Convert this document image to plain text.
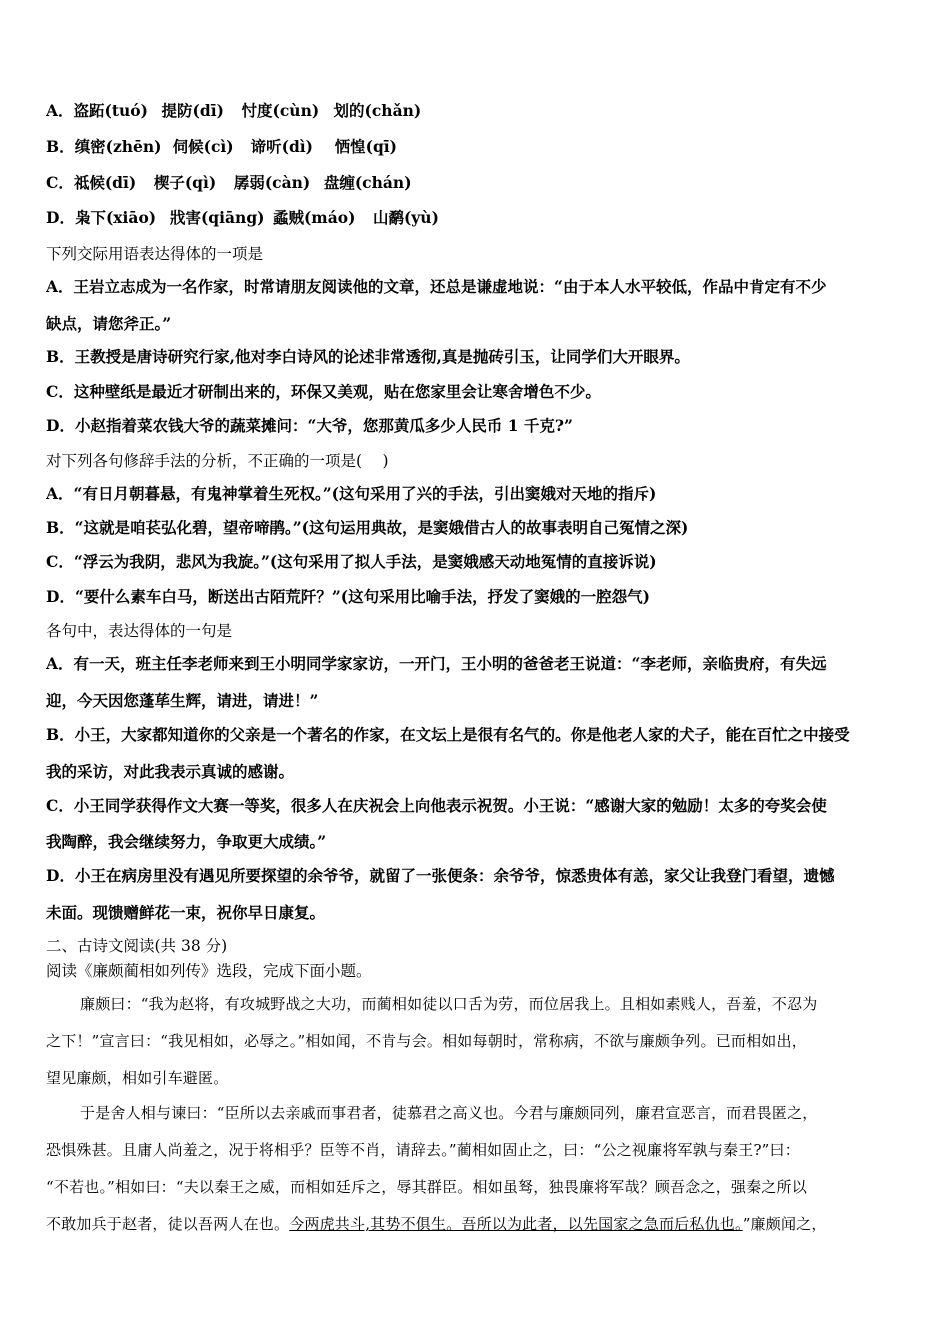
A．盗跖(tuó) 提防(dī) 忖度(cùn) 划的(chǎn)
B．缜密(zhēn) 伺候(cì) 谛听(dì) 恓惶(qī)
C．祗候(dī) 楔子(qì) 孱弱(càn) 盘缠(chán)
D．枭下(xiāo) 戕害(qiāng) 蟊贼(máo) 山鹬(yù)
下列交际用语表达得体的一项是
A．王岩立志成为一名作家，时常请朋友阅读他的文章，还总是谦虚地说：“由于本人水平较低，作品中肯定有不少
缺点，请您斧正。”
B．王教授是唐诗研究行家,他对李白诗风的论述非常透彻,真是抛砖引玉，让同学们大开眼界。
C．这种壁纸是最近才研制出来的，环保又美观，贴在您家里会让寒舍增色不少。
D．小赵指着菜农钱大爷的蔬菜摊问：“大爷，您那黄瓜多少人民币 1 千克?”
对下列各句修辞手法的分析，不正确的一项是(　 )
A．“有日月朝暮悬，有鬼神掌着生死权。”(这句采用了兴的手法，引出窦娥对天地的指斥)
B．“这就是咱苌弘化碧，望帝啼鹃。”(这句运用典故，是窦娥借古人的故事表明自己冤情之深)
C．“浮云为我阴，悲风为我旋。”(这句采用了拟人手法，是窦娥感天动地冤情的直接诉说)
D．“要什么素车白马，断送出古陌荒阡？”(这句采用比喻手法，抒发了窦娥的一腔怨气)
各句中，表达得体的一句是
A．有一天，班主任李老师来到王小明同学家家访，一开门，王小明的爸爸老王说道：“李老师，亲临贵府，有失远
迎，今天因您蓬荜生辉，请进，请进！”
B．小王，大家都知道你的父亲是一个著名的作家，在文坛上是很有名气的。你是他老人家的犬子，能在百忙之中接受
我的采访，对此我表示真诚的感谢。
C．小王同学获得作文大赛一等奖，很多人在庆祝会上向他表示祝贺。小王说：“感谢大家的勉励！太多的夸奖会使
我陶醉，我会继续努力，争取更大成绩。”
D．小王在病房里没有遇见所要探望的余爷爷，就留了一张便条：余爷爷，惊悉贵体有恙，家父让我登门看望，遗憾
未面。现馈赠鲜花一束，祝你早日康复。
二、古诗文阅读(共 38 分)
阅读《廉颇蔺相如列传》选段，完成下面小题。
廉颇曰：“我为赵将，有攻城野战之大功，而蔺相如徒以口舌为劳，而位居我上。且相如素贱人，吾羞，不忍为
之下！”宣言曰：“我见相如，必辱之。”相如闻，不肯与会。相如每朝时，常称病，不欲与廉颇争列。已而相如出，
望见廉颇，相如引车避匿。
于是舍人相与谏曰：“臣所以去亲戚而事君者，徒慕君之高义也。今君与廉颇同列，廉君宣恶言，而君畏匿之，
恐惧殊甚。且庸人尚羞之，况于将相乎？臣等不肖，请辞去。”蔺相如固止之，曰：“公之视廉将军孰与秦王?”曰：
“不若也。”相如曰：“夫以秦王之威，而相如廷斥之，辱其群臣。相如虽驽，独畏廉将军哉？顾吾念之，强秦之所以
不敢加兵于赵者，徒以吾两人在也。今两虎共斗,其势不俱生。吾所以为此者，以先国家之急而后私仇也。”廉颇闻之，
